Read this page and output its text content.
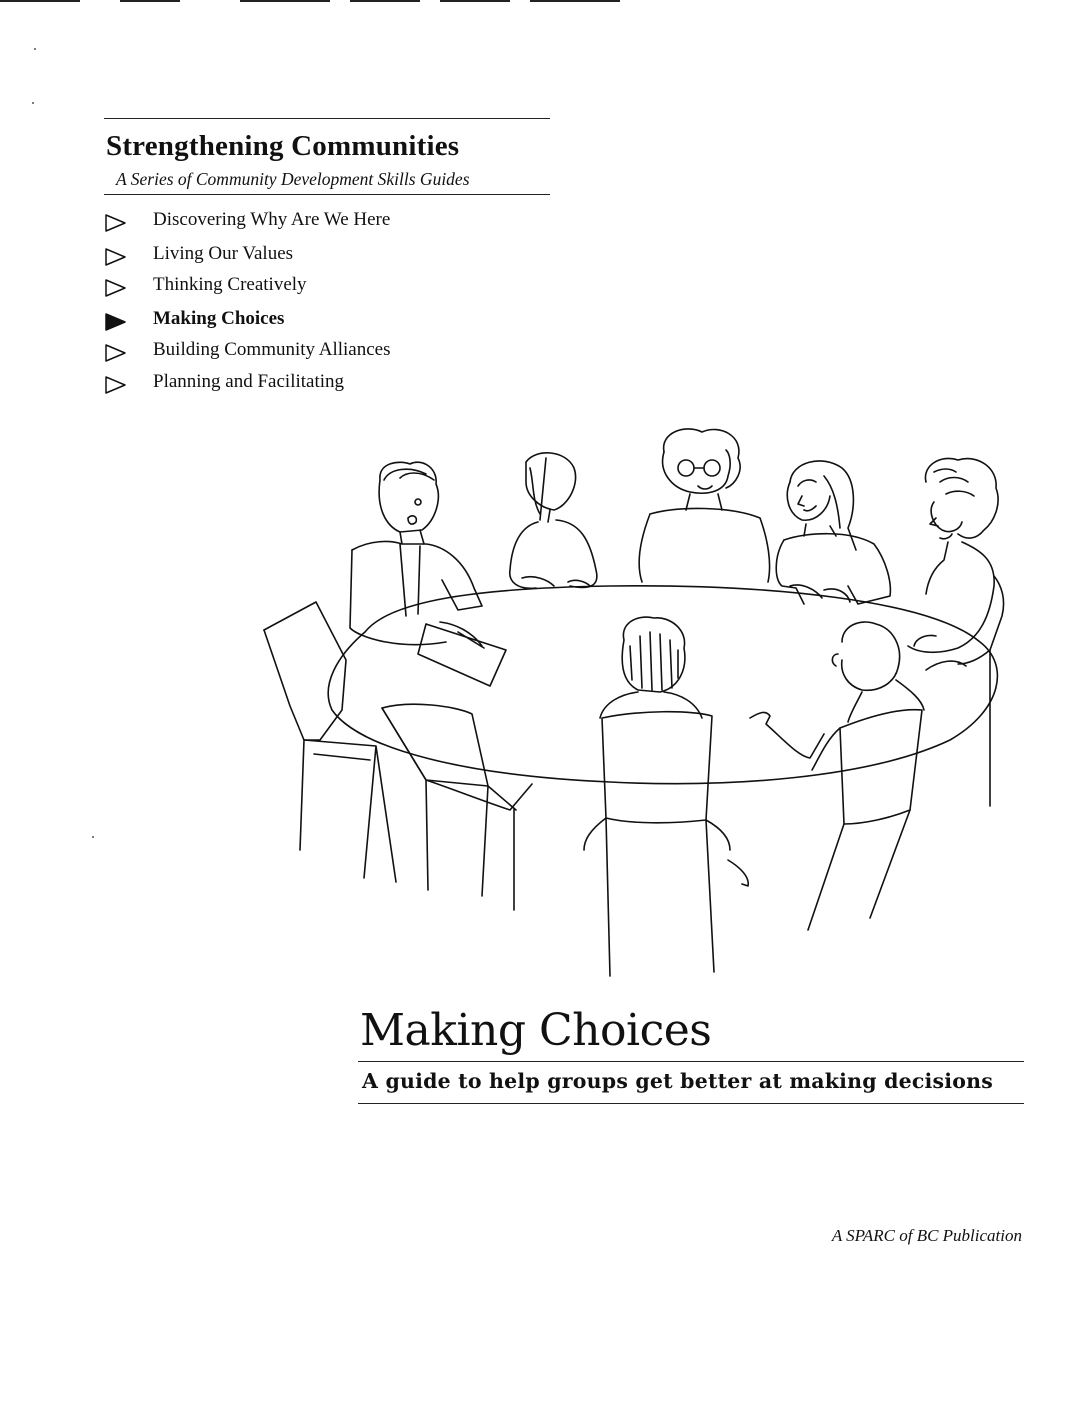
Strengthening Communities
A Series of Community Development Skills Guides
Discovering Why Are We Here
Living Our Values
Thinking Creatively
Making Choices
Building Community Alliances
Planning and Facilitating
Making Choices
A guide to help groups get better at making decisions
A SPARC of BC Publication
